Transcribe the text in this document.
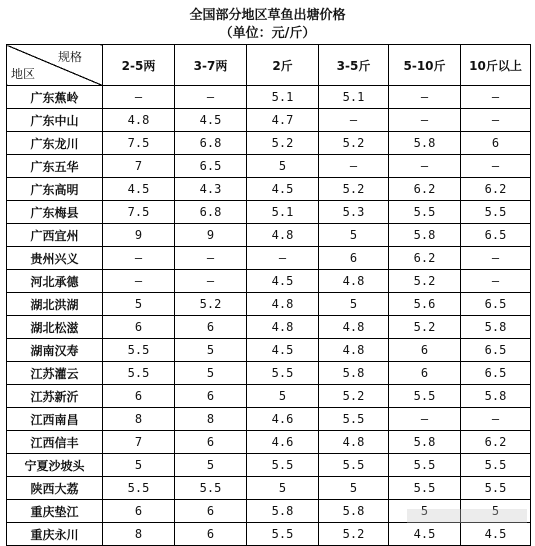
全国部分地区草鱼出塘价格
（单位：元/斤）
规格
地区	2-5两	3-7两	2斤	3-5斤	5-10斤	10斤以上
广东蕉岭	—	—	5.1	5.1	—	—
广东中山	4.8	4.5	4.7	—	—	—
广东龙川	7.5	6.8	5.2	5.2	5.8	6
广东五华	7	6.5	5	—	—	—
广东高明	4.5	4.3	4.5	5.2	6.2	6.2
广东梅县	7.5	6.8	5.1	5.3	5.5	5.5
广西宜州	9	9	4.8	5	5.8	6.5
贵州兴义	—	—	—	6	6.2	—
河北承德	—	—	4.5	4.8	5.2	—
湖北洪湖	5	5.2	4.8	5	5.6	6.5
湖北松滋	6	6	4.8	4.8	5.2	5.8
湖南汉寿	5.5	5	4.5	4.8	6	6.5
江苏灌云	5.5	5	5.5	5.8	6	6.5
江苏新沂	6	6	5	5.2	5.5	5.8
江西南昌	8	8	4.6	5.5	—	—
江西信丰	7	6	4.6	4.8	5.8	6.2
宁夏沙坡头	5	5	5.5	5.5	5.5	5.5
陕西大荔	5.5	5.5	5	5	5.5	5.5
重庆垫江	6	6	5.8	5.8	5	5
重庆永川	8	6	5.5	5.2	4.5	4.5
